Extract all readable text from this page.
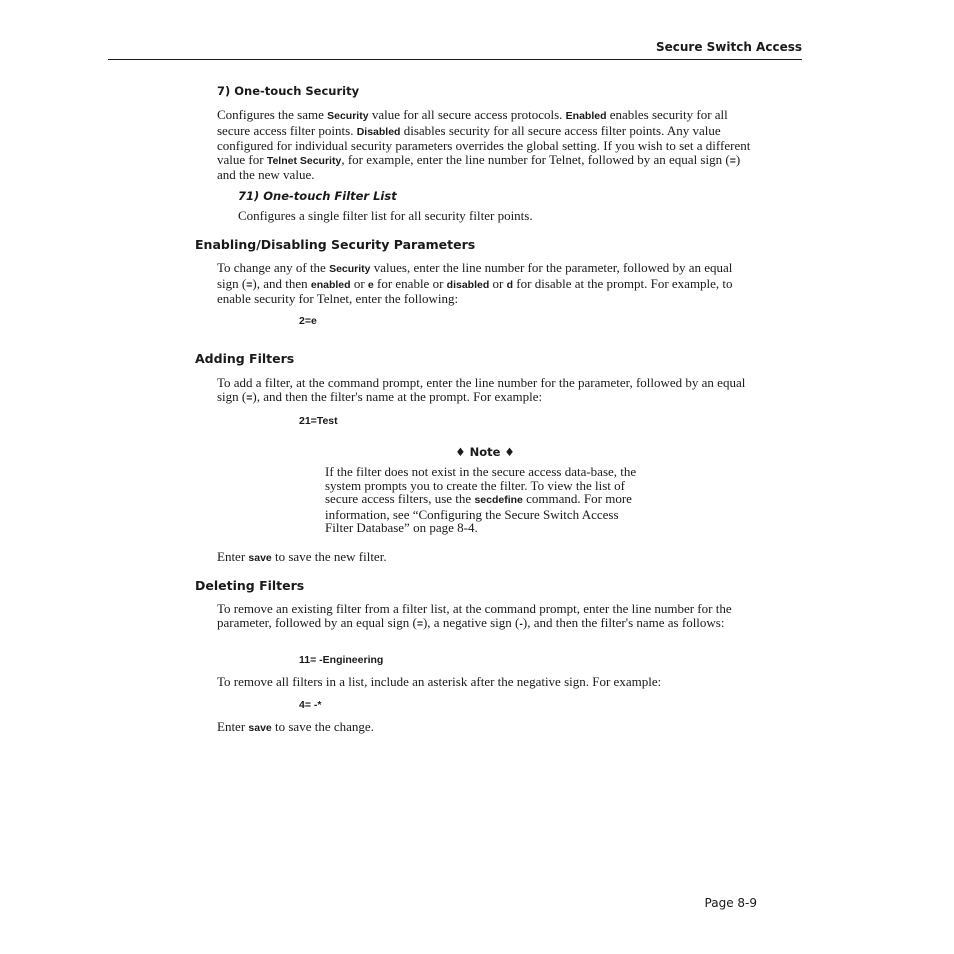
Secure Switch Access
7) One-touch Security
Configures the same Security value for all secure access protocols. Enabled enables security for all secure access filter points. Disabled disables security for all secure access filter points. Any value configured for individual security parameters overrides the global setting. If you wish to set a different value for Telnet Security, for example, enter the line number for Telnet, followed by an equal sign (=) and the new value.
71) One-touch Filter List
Configures a single filter list for all security filter points.
Enabling/Disabling Security Parameters
To change any of the Security values, enter the line number for the parameter, followed by an equal sign (=), and then enabled or e for enable or disabled or d for disable at the prompt. For example, to enable security for Telnet, enter the following:
2=e
Adding Filters
To add a filter, at the command prompt, enter the line number for the parameter, followed by an equal sign (=), and then the filter's name at the prompt. For example:
21=Test
♦ Note ♦
If the filter does not exist in the secure access data-base, the system prompts you to create the filter. To view the list of secure access filters, use the secdefine command. For more information, see “Configuring the Secure Switch Access Filter Database” on page 8-4.
Enter save to save the new filter.
Deleting Filters
To remove an existing filter from a filter list, at the command prompt, enter the line number for the parameter, followed by an equal sign (=), a negative sign (-), and then the filter's name as follows:
11= -Engineering
To remove all filters in a list, include an asterisk after the negative sign. For example:
4= -*
Enter save to save the change.
Page 8-9
